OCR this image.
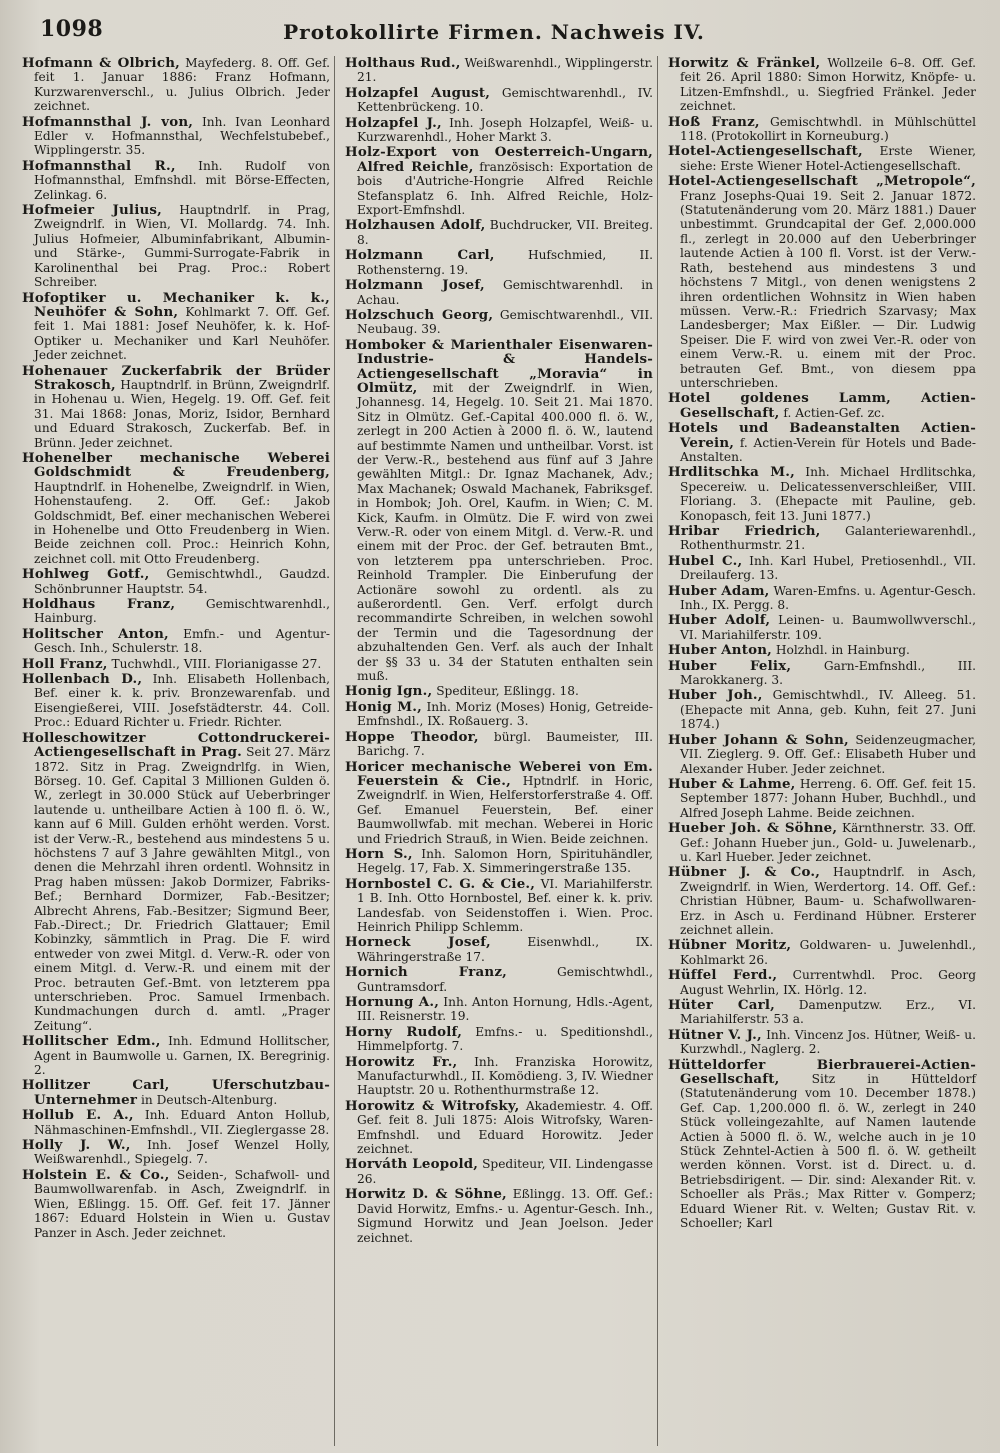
1098	Protokollirte Firmen. Nachweis IV.

Hofmann & Olbrich, Mayfederg. 8. Off. Gef. feit 1. Januar 1886: Franz Hofmann, Kurzwarenverschl., u. Julius Olbrich. Jeder zeichnet.

Hofmannsthal J. von, Inh. Ivan Leonhard Edler v. Hofmannsthal, Wechfelstubebef., Wipplingerstr. 35.

Hofmannsthal R., Inh. Rudolf von Hofmannsthal, Emfnshdl. mit Börse-Effecten, Zelinkag. 6.

Hofmeier Julius, Hauptndrlf. in Prag, Zweigndrlf. in Wien, VI. Mollardg. 74. Inh. Julius Hofmeier, Albuminfabrikant, Albumin- und Stärke-, Gummi-Surrogate-Fabrik in Karolinenthal bei Prag. Proc.: Robert Schreiber.

Hofoptiker u. Mechaniker k. k., Neuhöfer & Sohn, Kohlmarkt 7. Off. Gef. feit 1. Mai 1881: Josef Neuhöfer, k. k. Hof-Optiker u. Mechaniker und Karl Neuhöfer. Jeder zeichnet.

Hohenauer Zuckerfabrik der Brüder Strakosch, Hauptndrlf. in Brünn, Zweigndrlf. in Hohenau u. Wien, Hegelg. 19. Off. Gef. feit 31. Mai 1868: Jonas, Moriz, Isidor, Bernhard und Eduard Strakosch, Zuckerfab. Bef. in Brünn. Jeder zeichnet.

Hohenelber mechanische Weberei Goldschmidt & Freudenberg, Hauptndrlf. in Hohenelbe, Zweigndrlf. in Wien, Hohenstaufeng. 2. Off. Gef.: Jakob Goldschmidt, Bef. einer mechanischen Weberei in Hohenelbe und Otto Freudenberg in Wien. Beide zeichnen coll. Proc.: Heinrich Kohn, zeichnet coll. mit Otto Freudenberg.

Hohlweg Gotf., Gemischtwhdl., Gaudzd. Schönbrunner Hauptstr. 54.

Holdhaus Franz,	Gemischtwarenhdl., Hainburg.

Holitscher Anton, Emfn.- und Agentur-Gesch. Inh., Schulerstr. 18.

Holl Franz, Tuchwhdl., VIII. Florianigasse 27.

Hollenbach D., Inh. Elisabeth Hollenbach, Bef. einer k. k. priv. Bronzewarenfab. und Eisengießerei, VIII. Josefstädterstr. 44. Coll. Proc.: Eduard Richter u. Friedr. Richter.

Holleschowitzer Cottondruckerei-Actiengesellschaft in Prag. Seit 27. März 1872. Sitz in Prag. Zweigndrlfg. in Wien, Börseg. 10. Gef. Capital 3 Millionen Gulden ö. W., zerlegt in 30.000 Stück auf Ueberbringer lautende u. untheilbare Actien à 100 fl. ö. W., kann auf 6 Mill. Gulden erhöht werden. Vorst. ist der Verw.-R., bestehend aus mindestens 5 u. höchstens 7 auf 3 Jahre gewählten Mitgl., von denen die Mehrzahl ihren ordentl. Wohnsitz in Prag haben müssen: Jakob Dormizer, Fabriks-Bef.; Bernhard Dormizer, Fab.-Besitzer; Albrecht Ahrens, Fab.-Besitzer; Sigmund Beer, Fab.-Direct.; Dr. Friedrich Glattauer; Emil Kobinzky, sämmtlich in Prag. Die F. wird entweder von zwei Mitgl. d. Verw.-R. oder von einem Mitgl. d. Verw.-R. und einem mit der Proc. betrauten Gef.-Bmt. von letzterem ppa unterschrieben. Proc. Samuel Irmenbach. Kundmachungen durch d. amtl. „Prager Zeitung“.

Hollitscher Edm., Inh. Edmund Hollitscher, Agent in Baumwolle u. Garnen, IX. Beregrinig. 2.

Hollitzer Carl, Uferschutzbau-Unternehmer in Deutsch-Altenburg.

Hollub E. A., Inh. Eduard Anton Hollub, Nähmaschinen-Emfnshdl., VII. Zieglergasse 28.

Holly J. W., Inh. Josef Wenzel Holly, Weißwarenhdl., Spiegelg. 7.

Holstein E. & Co., Seiden-, Schafwoll- und Baumwollwarenfab. in Asch, Zweigndrlf. in Wien, Eßlingg. 15. Off. Gef. feit 17. Jänner 1867: Eduard Holstein in Wien u. Gustav Panzer in Asch. Jeder zeichnet.

Holthaus Rud., Weißwarenhdl., Wipplingerstr. 21.

Holzapfel August, Gemischtwarenhdl., IV. Kettenbrückeng. 10.

Holzapfel J., Inh. Joseph Holzapfel, Weiß- u. Kurzwarenhdl., Hoher Markt 3.

Holz-Export von Oesterreich-Ungarn, Alfred Reichle, französisch: Exportation de bois d'Autriche-Hongrie Alfred Reichle Stefansplatz 6. Inh. Alfred Reichle, Holz-Export-Emfnshdl.

Holzhausen Adolf, Buchdrucker, VII. Breiteg. 8.

Holzmann Carl,	Hufschmied, II. Rothensterng. 19.

Holzmann Josef, Gemischtwarenhdl. in Achau.

Holzschuch Georg, Gemischtwarenhdl., VII. Neubaug. 39.

Homboker & Marienthaler Eisenwaren-Industrie- & Handels-Actiengesellschaft „Moravia“ in Olmütz, mit der Zweigndrlf. in Wien, Johannesg. 14, Hegelg. 10. Seit 21. Mai 1870. Sitz in Olmütz. Gef.-Capital 400.000 fl. ö. W., zerlegt in 200 Actien à 2000 fl. ö. W., lautend auf bestimmte Namen und untheilbar. Vorst. ist der Verw.-R., bestehend aus fünf auf 3 Jahre gewählten Mitgl.: Dr. Ignaz Machanek, Adv.; Max Machanek; Oswald Machanek, Fabriksgef. in Hombok; Joh. Orel, Kaufm. in Wien; C. M. Kick, Kaufm. in Olmütz. Die F. wird von zwei Verw.-R. oder von einem Mitgl. d. Verw.-R. und einem mit der Proc. der Gef. betrauten Bmt., von letzterem ppa unterschrieben. Proc. Reinhold Trampler. Die Einberufung der Actionäre sowohl zu ordentl. als zu außerordentl. Gen. Verf. erfolgt durch recommandirte Schreiben, in welchen sowohl der Termin und die Tagesordnung der abzuhaltenden Gen. Verf. als auch der Inhalt der §§ 33 u. 34 der Statuten enthalten sein muß.

Honig Ign., Spediteur, Eßlingg. 18.

Honig M., Inh. Moriz (Moses) Honig, Getreide-Emfnshdl., IX. Roßauerg. 3.

Hoppe Theodor, bürgl. Baumeister, III. Barichg. 7.

Horicer mechanische Weberei von Em. Feuerstein & Cie., Hptndrlf. in Horic, Zweigndrlf. in Wien, Helferstorferstraße 4. Off. Gef. Emanuel Feuerstein, Bef. einer Baumwollwfab. mit mechan. Weberei in Horic und Friedrich Strauß, in Wien. Beide zeichnen.

Horn S., Inh. Salomon Horn, Spirituhändler, Hegelg. 17, Fab. X. Simmeringerstraße 135.

Hornbostel C. G. & Cie., VI. Mariahilferstr. 1 B. Inh. Otto Hornbostel, Bef. einer k. k. priv. Landesfab. von Seidenstoffen i. Wien. Proc. Heinrich Philipp Schlemm.

Horneck Josef,	Eisenwhdl., IX. Währingerstraße 17.

Hornich Franz,	Gemischtwhdl., Guntramsdorf.

Hornung A., Inh. Anton Hornung, Hdls.-Agent, III. Reisnerstr. 19.

Horny Rudolf, Emfns.- u. Speditionshdl., Himmelpfortg. 7.

Horowitz Fr., Inh. Franziska Horowitz, Manufacturwhdl., II. Komödieng. 3, IV. Wiedner Hauptstr. 20 u. Rothenthurmstraße 12.

Horowitz & Witrofsky, Akademiestr. 4. Off. Gef. feit 8. Juli 1875: Alois Witrofsky, Waren-Emfnshdl. und Eduard Horowitz. Jeder zeichnet.

Horváth Leopold, Spediteur, VII. Lindengasse 26.

Horwitz D. & Söhne, Eßlingg. 13. Off. Gef.: David Horwitz, Emfns.- u. Agentur-Gesch. Inh., Sigmund Horwitz und Jean Joelson. Jeder zeichnet.

Horwitz & Fränkel, Wollzeile 6–8. Off. Gef. feit 26. April 1880: Simon Horwitz, Knöpfe- u. Litzen-Emfnshdl., u. Siegfried Fränkel. Jeder zeichnet.

Hoß Franz, Gemischtwhdl. in Mühlschüttel 118. (Protokollirt in Korneuburg.)

Hotel-Actiengesellschaft, Erste Wiener, siehe: Erste Wiener Hotel-Actiengesellschaft.

Hotel-Actiengesellschaft „Metropole“, Franz Josephs-Quai 19. Seit 2. Januar 1872. (Statutenänderung vom 20. März 1881.) Dauer unbestimmt. Grundcapital der Gef. 2,000.000 fl., zerlegt in 20.000 auf den Ueberbringer lautende Actien à 100 fl. Vorst. ist der Verw.-Rath, bestehend aus mindestens 3 und höchstens 7 Mitgl., von denen wenigstens 2 ihren ordentlichen Wohnsitz in Wien haben müssen. Verw.-R.: Friedrich Szarvasy; Max Landesberger; Max Eißler. — Dir. Ludwig Speiser. Die F. wird von zwei Ver.-R. oder von einem Verw.-R. u. einem mit der Proc. betrauten Gef. Bmt., von diesem ppa unterschrieben.

Hotel goldenes Lamm, Actien-Gesellschaft, f. Actien-Gef. zc.

Hotels und Badeanstalten Actien-Verein, f. Actien-Verein für Hotels und Bade-Anstalten.

Hrdlitschka M., Inh. Michael Hrdlitschka, Specereiw. u. Delicatessenverschleißer, VIII. Floriang. 3. (Ehepacte mit Pauline, geb. Konopasch, feit 13. Juni 1877.)

Hribar Friedrich, Galanteriewarenhdl., Rothenthurmstr. 21.

Hubel C., Inh. Karl Hubel, Pretiosenhdl., VII. Dreilauferg. 13.

Huber Adam, Waren-Emfns. u. Agentur-Gesch. Inh., IX. Pergg. 8.

Huber Adolf, Leinen- u. Baumwollwverschl., VI. Mariahilferstr. 109.

Huber Anton, Holzhdl. in Hainburg.

Huber Felix,	Garn-Emfnshdl., III. Marokkanerg. 3.

Huber Joh., Gemischtwhdl., IV. Alleeg. 51. (Ehepacte mit Anna, geb. Kuhn, feit 27. Juni 1874.)

Huber Johann & Sohn, Seidenzeugmacher, VII. Zieglerg. 9. Off. Gef.: Elisabeth Huber und Alexander Huber. Jeder zeichnet.

Huber & Lahme, Herreng. 6. Off. Gef. feit 15. September 1877: Johann Huber, Buchhdl., und Alfred Joseph Lahme. Beide zeichnen.

Hueber Joh. & Söhne, Kärnthnerstr. 33. Off. Gef.: Johann Hueber jun., Gold- u. Juwelenarb., u. Karl Hueber. Jeder zeichnet.

Hübner J. & Co., Hauptndrlf. in Asch, Zweigndrlf. in Wien, Werdertorg. 14. Off. Gef.: Christian Hübner, Baum- u. Schafwollwaren-Erz. in Asch u. Ferdinand Hübner. Ersterer zeichnet allein.

Hübner Moritz, Goldwaren- u. Juwelenhdl., Kohlmarkt 26.

Hüffel Ferd., Currentwhdl. Proc. Georg August Wehrlin, IX. Hörlg. 12.

Hüter Carl, Damenputzw. Erz., VI. Mariahilferstr. 53 a.

Hütner V. J., Inh. Vincenz Jos. Hütner, Weiß- u. Kurzwhdl., Naglerg. 2.

Hütteldorfer Bierbrauerei-Actien-Gesellschaft,	Sitz in Hütteldorf (Statutenänderung vom 10. December 1878.) Gef. Cap. 1,200.000 fl. ö. W., zerlegt in 240 Stück volleingezahlte, auf Namen lautende Actien à 5000 fl. ö. W., welche auch in je 10 Stück Zehntel-Actien à 500 fl. ö. W. getheilt werden können. Vorst. ist d. Direct. u. d. Betriebsdirigent. — Dir. sind: Alexander Rit. v. Schoeller als Präs.; Max Ritter v. Gomperz; Eduard Wiener Rit. v. Welten; Gustav Rit. v. Schoeller; Karl
